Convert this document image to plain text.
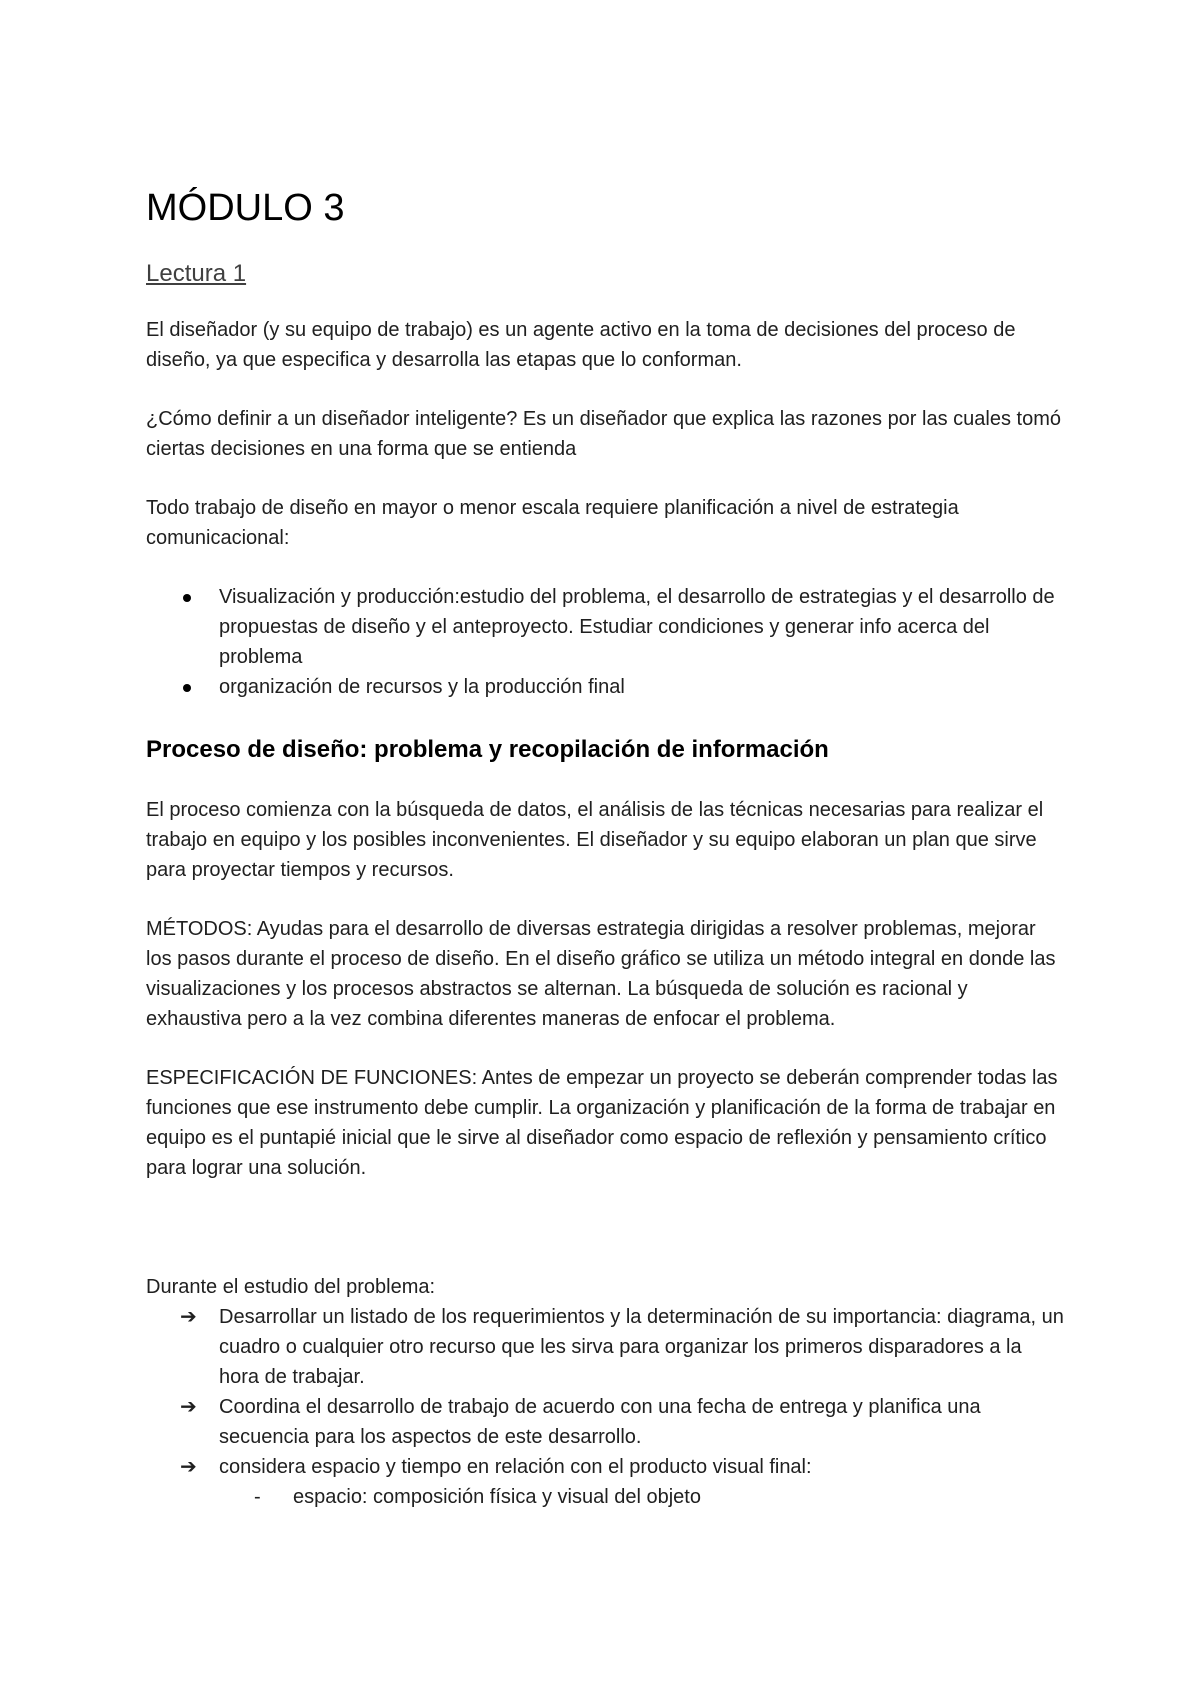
MÓDULO 3
Lectura 1

El diseñador (y su equipo de trabajo) es un agente activo en la toma de decisiones del proceso de diseño, ya que especifica y desarrolla las etapas que lo conforman.

¿Cómo definir a un diseñador inteligente? Es un diseñador que explica las razones por las cuales tomó ciertas decisiones en una forma que se entienda

Todo trabajo de diseño en mayor o menor escala requiere planificación a nivel de estrategia comunicacional:

Visualización y producción:estudio del problema, el desarrollo de estrategias y el desarrollo de propuestas de diseño y el anteproyecto. Estudiar condiciones y generar info acerca del problema
organización de recursos y la producción final
Proceso de diseño: problema y recopilación de información

El proceso comienza con la búsqueda de datos, el análisis de las técnicas necesarias para realizar el trabajo en equipo y los posibles inconvenientes. El diseñador y su equipo elaboran un plan que sirve para proyectar tiempos y recursos.

MÉTODOS: Ayudas para el desarrollo de diversas estrategia dirigidas a resolver problemas, mejorar los pasos durante el proceso de diseño. En el diseño gráfico se utiliza un método integral en donde las visualizaciones y los procesos abstractos se alternan. La búsqueda de solución es racional y exhaustiva pero a la vez combina diferentes maneras de enfocar el problema.

ESPECIFICACIÓN DE FUNCIONES: Antes de empezar un proyecto se deberán comprender todas las funciones que ese instrumento debe cumplir. La organización y planificación de la forma de trabajar en equipo es el puntapié inicial que le sirve al diseñador como espacio de reflexión y pensamiento crítico para lograr una solución.

Durante el estudio del problema:

➔ Desarrollar un listado de los requerimientos y la determinación de su importancia: diagrama, un cuadro o cualquier otro recurso que les sirva para organizar los primeros disparadores a la hora de trabajar.
➔ Coordina el desarrollo de trabajo de acuerdo con una fecha de entrega y planifica una secuencia para los aspectos de este desarrollo.
➔ considera espacio y tiempo en relación con el producto visual final:
- espacio: composición física y visual del objeto
